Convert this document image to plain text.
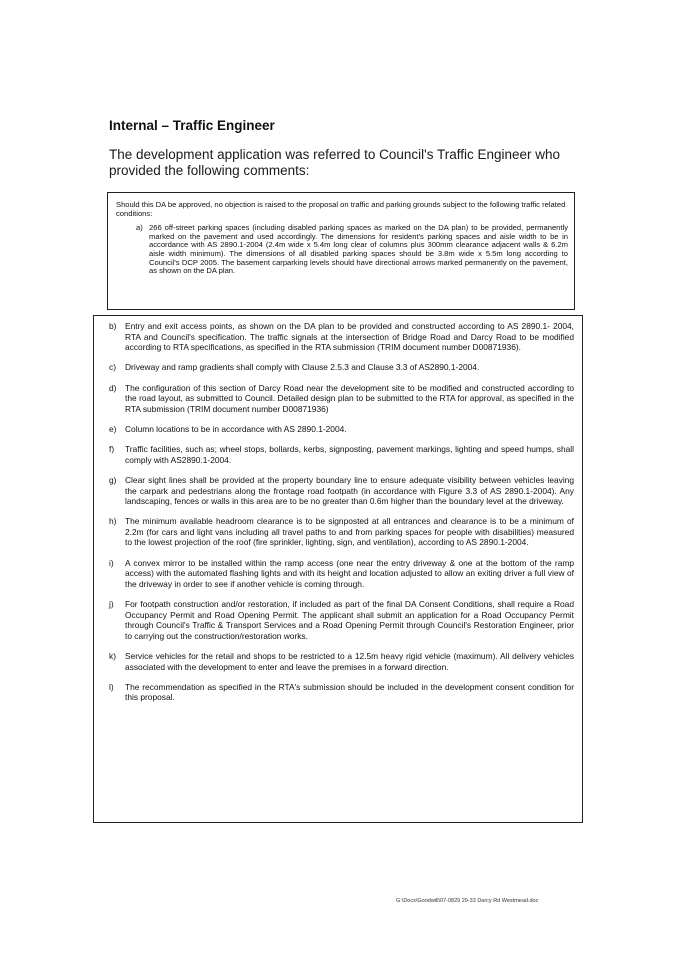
Internal – Traffic Engineer

The development application was referred to Council's Traffic Engineer who provided the following comments:

Should this DA be approved, no objection is raised to the proposal on traffic and parking grounds subject to the following traffic related conditions:

a) 266 off-street parking spaces (including disabled parking spaces as marked on the DA plan) to be provided, permanently marked on the pavement and used accordingly. The dimensions for resident's parking spaces and aisle width to be in accordance with AS 2890.1-2004 (2.4m wide x 5.4m long clear of columns plus 300mm clearance adjacent walls & 6.2m aisle width minimum). The dimensions of all disabled parking spaces should be 3.8m wide x 5.5m long according to Council's DCP 2005. The basement carparking levels should have directional arrows marked permanently on the pavement, as shown on the DA plan.
b)	Entry and exit access points, as shown on the DA plan to be provided and constructed according to AS 2890.1- 2004, RTA and Council's specification. The traffic signals at the intersection of Bridge Road and Darcy Road to be modified according to RTA specifications, as specified in the RTA submission (TRIM document number D00871936).
c)	Driveway and ramp gradients shall comply with Clause 2.5.3 and Clause 3.3 of AS2890.1-2004.
d)	The configuration of this section of Darcy Road near the development site to be modified and constructed according to the road layout, as submitted to Council. Detailed design plan to be submitted to the RTA for approval, as specified in the RTA submission (TRIM document number D00871936)
e)	Column locations to be in accordance with AS 2890.1-2004.
f)	Traffic facilities, such as; wheel stops, bollards, kerbs, signposting, pavement markings, lighting and speed humps, shall comply with AS2890.1-2004.
g)	Clear sight lines shall be provided at the property boundary line to ensure adequate visibility between vehicles leaving the carpark and pedestrians along the frontage road footpath (in accordance with Figure 3.3 of AS 2890.1-2004). Any landscaping, fences or walls in this area are to be no greater than 0.6m higher than the boundary level at the driveway.
h)	The minimum available headroom clearance is to be signposted at all entrances and clearance is to be a minimum of 2.2m (for cars and light vans including all travel paths to and from parking spaces for people with disabilities) measured to the lowest projection of the roof (fire sprinkler, lighting, sign, and ventilation), according to AS 2890.1-2004.
i)	A convex mirror to be installed within the ramp access (one near the entry driveway & one at the bottom of the ramp access) with the automated flashing lights and with its height and location adjusted to allow an exiting driver a full view of the driveway in order to see if another vehicle is coming through.
j)	For footpath construction and/or restoration, if included as part of the final DA Consent Conditions, shall require a Road Occupancy Permit and Road Opening Permit. The applicant shall submit an application for a Road Occupancy Permit through Council's Traffic & Transport Services and a Road Opening Permit through Council's Restoration Engineer, prior to carrying out the construction/restoration works.
k)	Service vehicles for the retail and shops to be restricted to a 12.5m heavy rigid vehicle (maximum). All delivery vehicles associated with the development to enter and leave the premises in a forward direction.
l)	The recommendation as specified in the RTA's submission should be included in the development consent condition for this proposal.
G:\Docs\Goodwill\07-0829 29-33 Darcy Rd Westmead.doc
